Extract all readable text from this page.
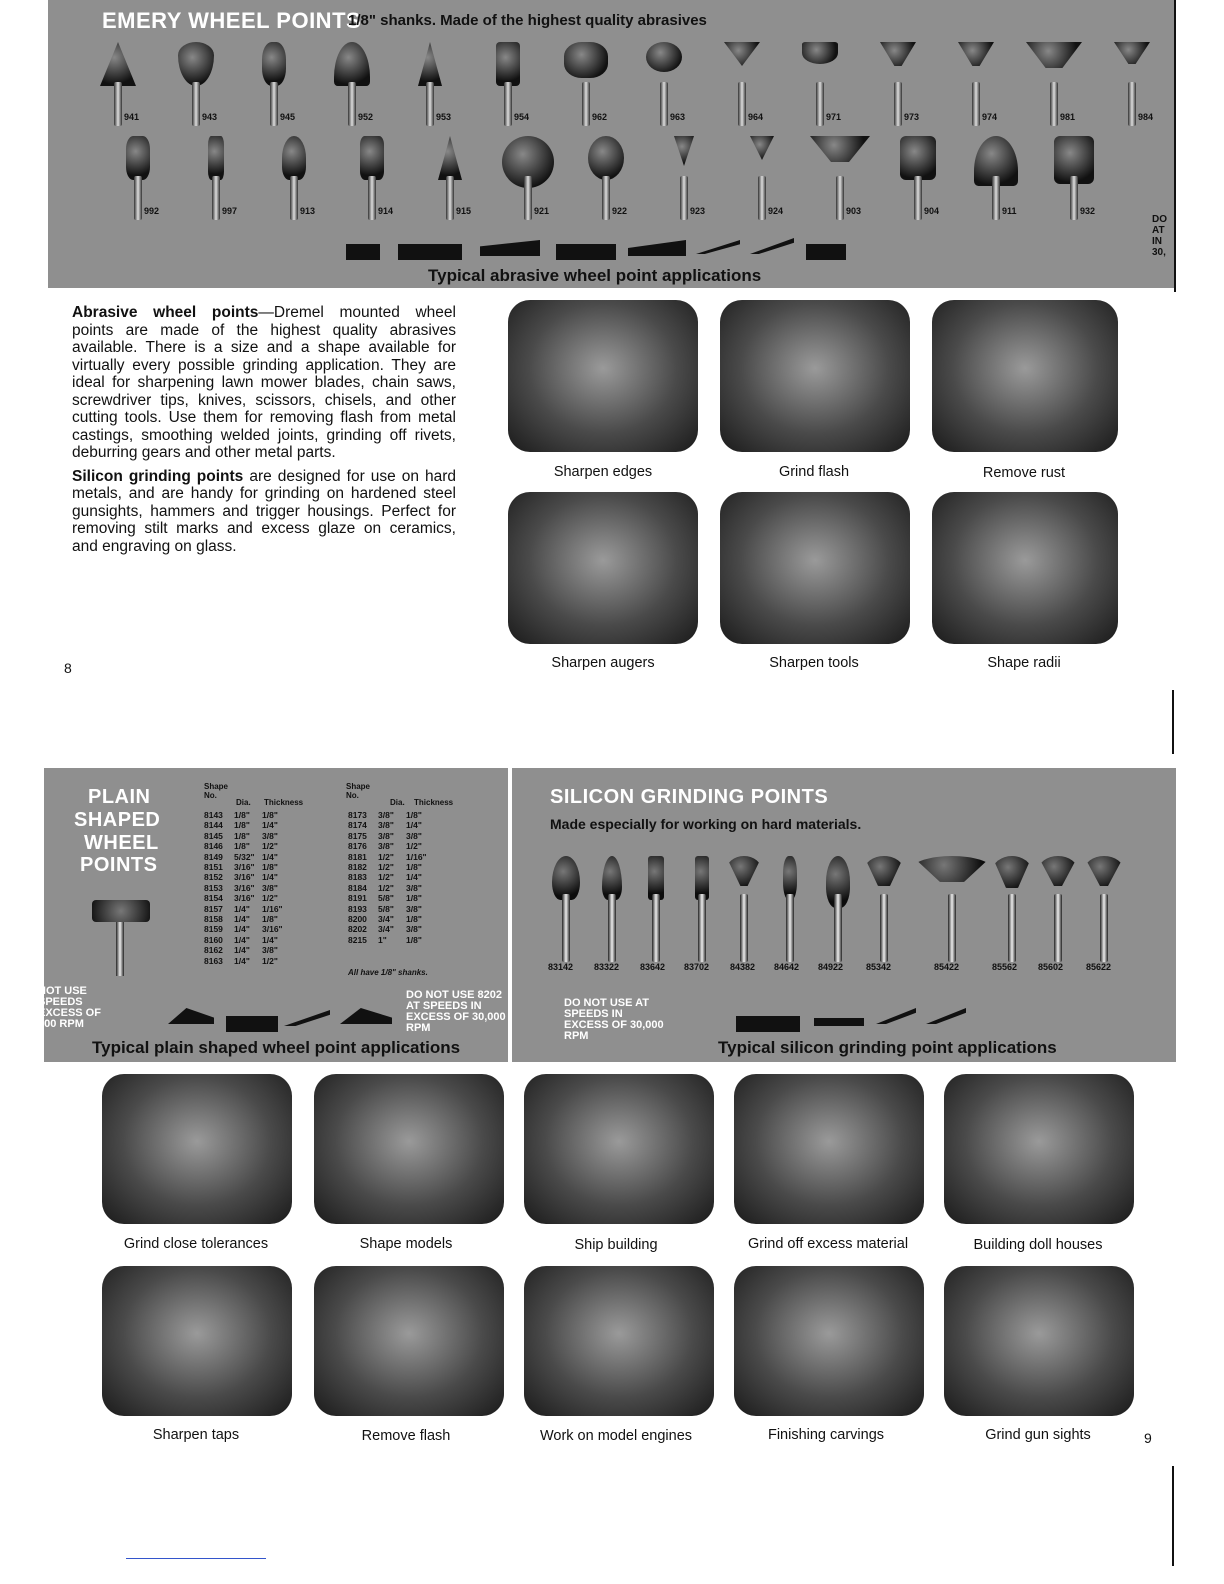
EMERY WHEEL POINTS
1/8" shanks. Made of the highest quality abrasives
941	943	945	952	953	954	962	963	964	971	973	974	981	984
992	997	913	914	915	921	922	923	924	903	904	911	932
Typical abrasive wheel point applications
DO AT IN 30,

Abrasive wheel points—Dremel mounted wheel points are made of the highest quality abrasives available. There is a size and a shape available for virtually every possible grinding application. They are ideal for sharpening lawn mower blades, chain saws, screwdriver tips, knives, scissors, chisels, and other cutting tools. Use them for removing flash from metal castings, smoothing welded joints, grinding off rivets, deburring gears and other metal parts.

Silicon grinding points are designed for use on hard metals, and are handy for grinding on hardened steel gunsights, hammers and trigger housings. Perfect for removing stilt marks and excess glaze on ceramics, and engraving on glass.

Sharpen edges	Grind flash	Remove rust
Sharpen augers	Sharpen tools	Shape radii
8
PLAIN
SHAPED
WHEEL
POINTS
Shape No.
Dia. Thickness
Shape No.
Dia. Thickness
8143	1/8"	1/8"
8144	1/8"	1/4"
8145	1/8"	3/8"
8146	1/8"	1/2"
8149	5/32" 1/4"
8151	3/16" 1/8"
8152	3/16" 1/4"
8153	3/16" 3/8"
8154	3/16" 1/2"
8157	1/4"	1/16"
8158	1/4"	1/8"
8159	1/4"	3/16"
8160	1/4"	1/4"
8162	1/4"	3/8"
8163	1/4"	1/2"
8173	3/8"	1/8"
8174	3/8"	1/4"
8175	3/8"	3/8"
8176	3/8"	1/2"
8181	1/2"	1/16"
8182	1/2"	1/8"
8183	1/2"	1/4"
8184	1/2"	3/8"
8191	5/8"	1/8"
8193	5/8"	3/8"
8200	3/4"	1/8"
8202	3/4"	3/8"
8215	1"	1/8"
All have 1/8" shanks.
NOT USE SPEEDS EXCESS OF 000 RPM
DO NOT USE 8202 AT SPEEDS IN EXCESS OF 30,000 RPM
Typical plain shaped wheel point applications
SILICON GRINDING POINTS
Made especially for working on hard materials.
83142 83322 83642 83702 84382 84642 84922	85342	85422	85562 85602	85622
DO NOT USE AT SPEEDS IN EXCESS OF 30,000 RPM
Typical silicon grinding point applications
Grind close tolerances	Shape models	Ship building	Grind off excess material	Building doll houses
Sharpen taps	Remove flash	Work on model engines	Finishing carvings	Grind gun sights	9
